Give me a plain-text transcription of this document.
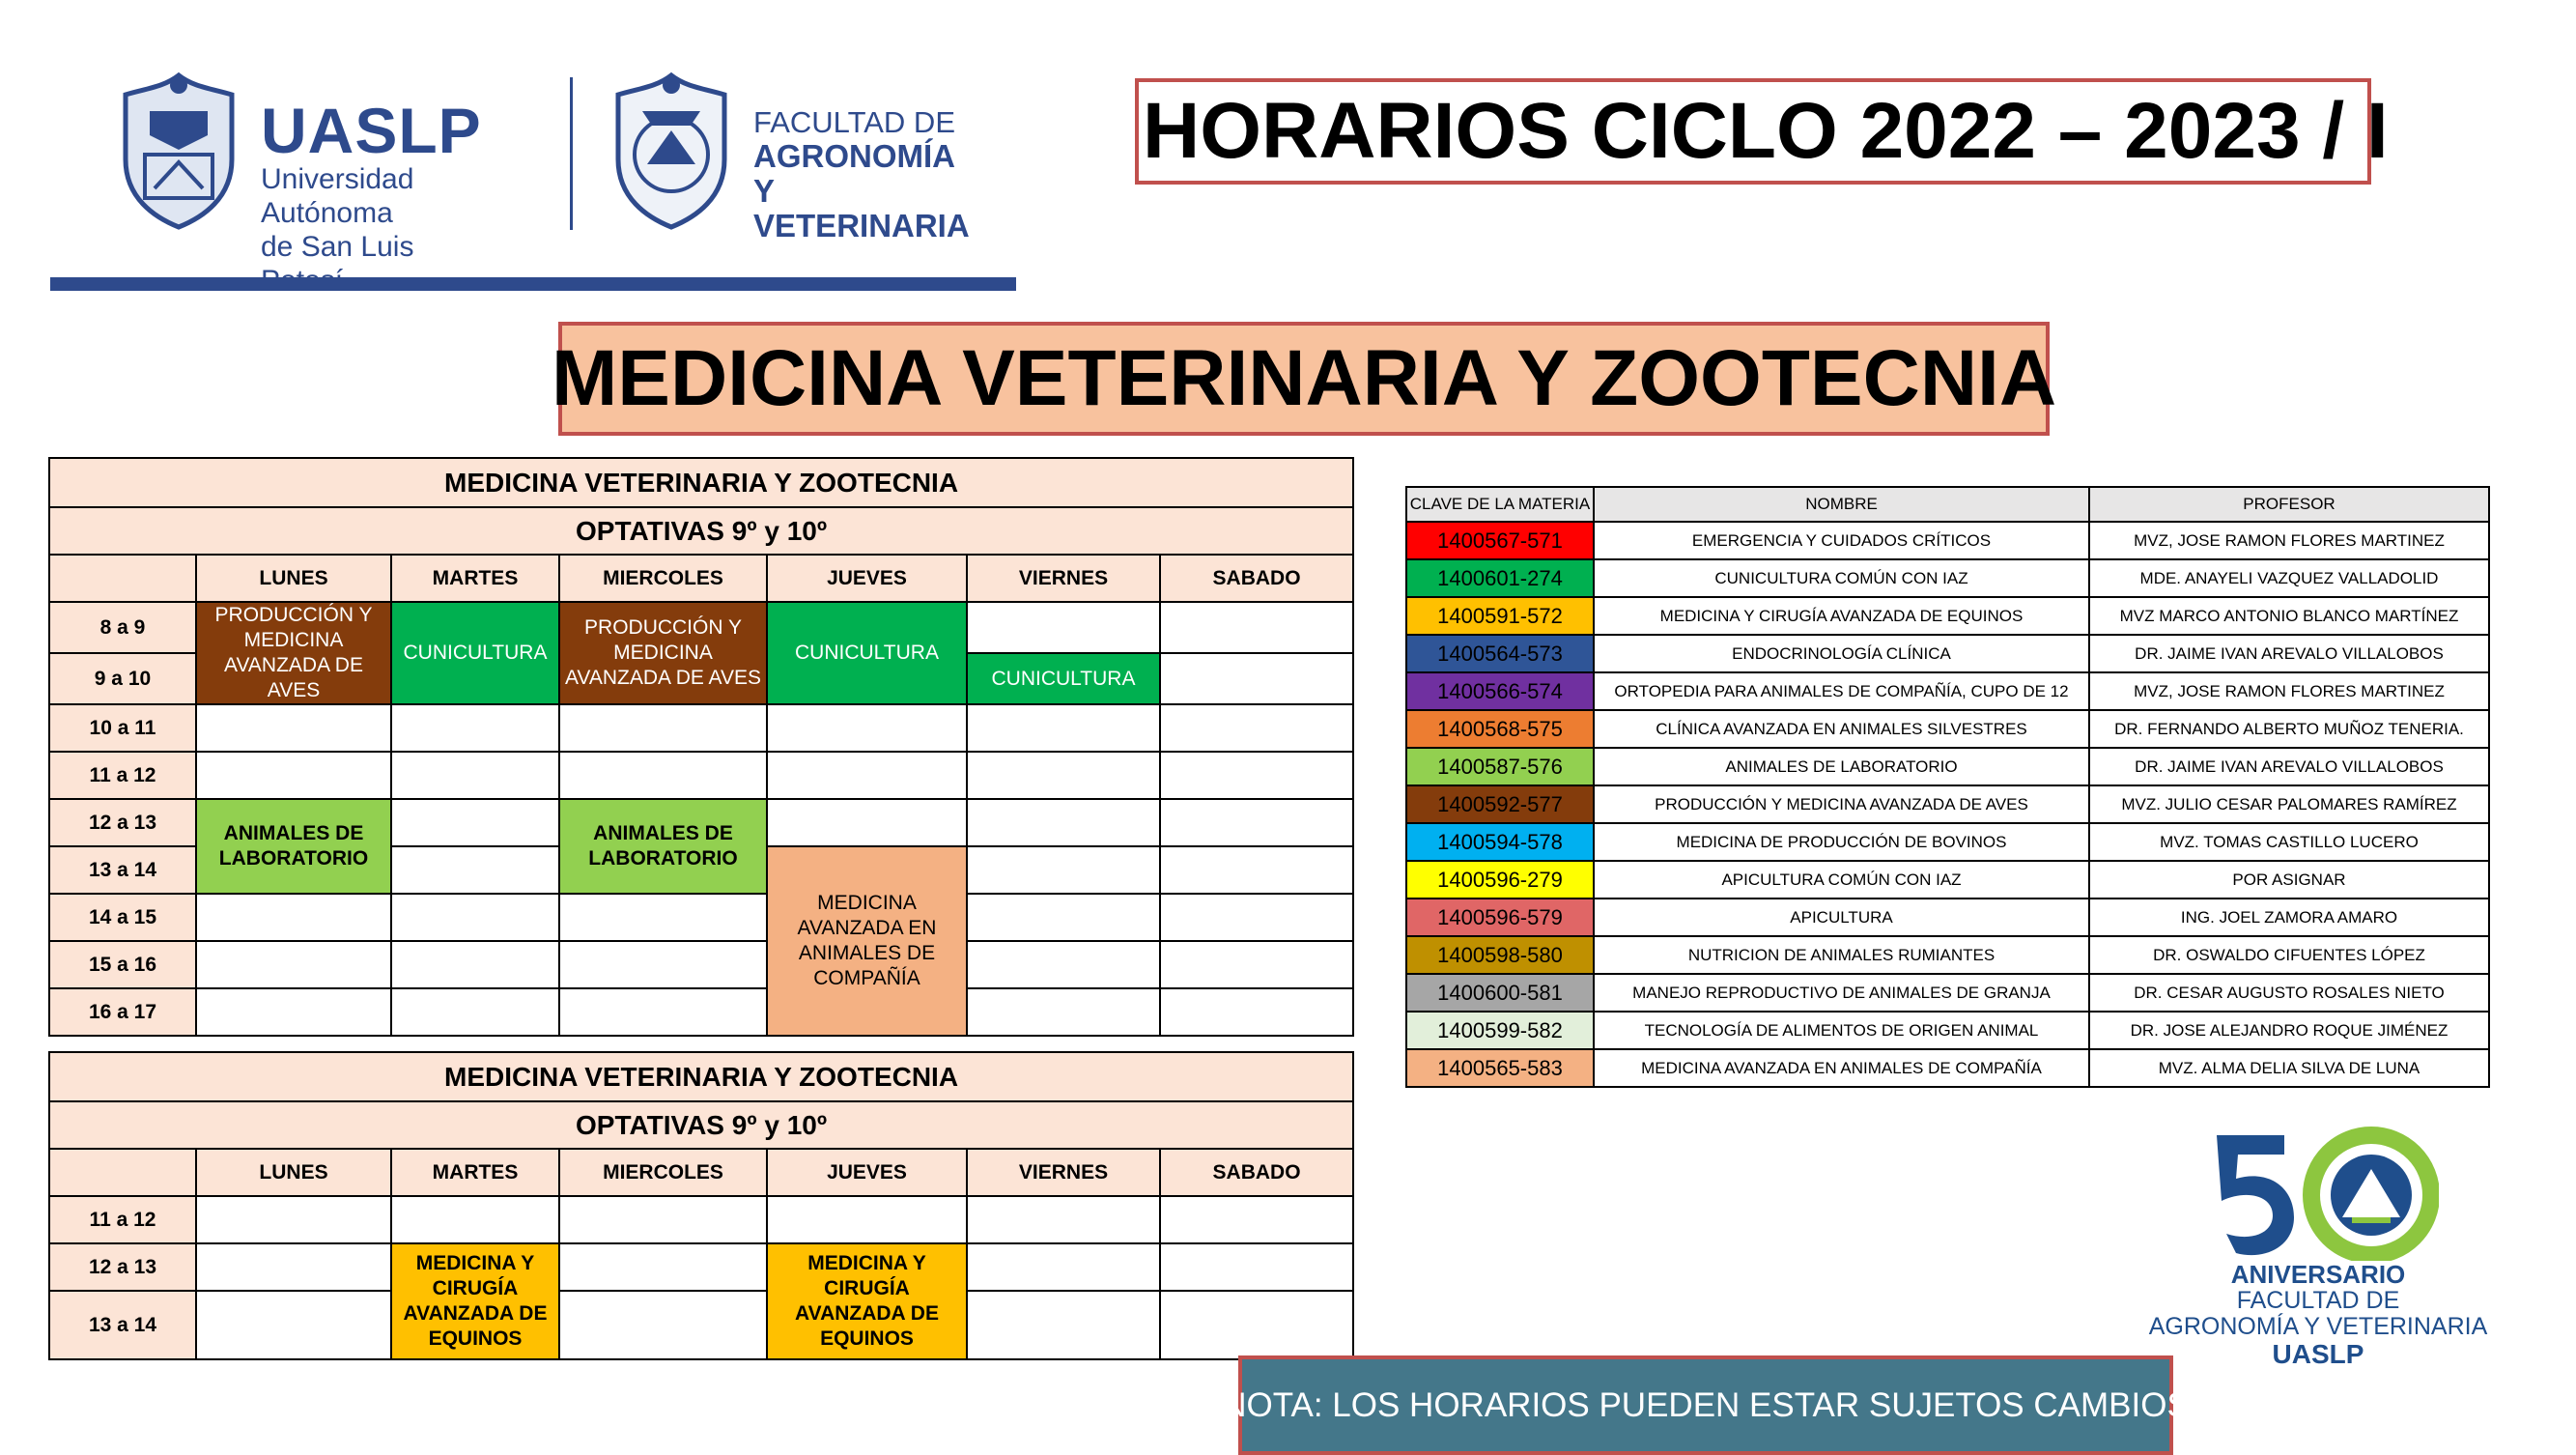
UASLP
Universidad Autónoma
de San Luis
FACULTAD DE
AGRONOMÍA Y
VETERINARIA
HORARIOS CICLO 2022 – 2023 / I
MEDICINA VETERINARIA Y ZOOTECNIA
MEDICINA VETERINARIA Y ZOOTECNIA						
OPTATIVAS 9º y 10º						
	LUNES	MARTES	MIERCOLES	JUEVES	VIERNES	SABADO
8 a 9	PRODUCCIÓN Y MEDICINA AVANZADA DE AVES	CUNICULTURA	PRODUCCIÓN Y MEDICINA AVANZADA DE AVES	CUNICULTURA		
9 a 10					CUNICULTURA	
10 a 11						
11 a 12						
12 a 13	ANIMALES DE LABORATORIO		ANIMALES DE LABORATORIO			
13 a 14				MEDICINA AVANZADA EN ANIMALES DE COMPAÑÍA		
14 a 15						
15 a 16						
16 a 17						
MEDICINA VETERINARIA Y ZOOTECNIA						
OPTATIVAS 9º y 10º						
	LUNES	MARTES	MIERCOLES	JUEVES	VIERNES	SABADO
11 a 12						
12 a 13		MEDICINA Y CIRUGÍA AVANZADA DE EQUINOS		MEDICINA Y CIRUGÍA AVANZADA DE EQUINOS		
13 a 14						
CLAVE DE LA MATERIA	NOMBRE	PROFESOR
1400567-571	EMERGENCIA Y CUIDADOS CRÍTICOS	MVZ, JOSE RAMON FLORES MARTINEZ
1400601-274	CUNICULTURA COMÚN CON IAZ	MDE. ANAYELI VAZQUEZ VALLADOLID
1400591-572	MEDICINA Y CIRUGÍA AVANZADA DE EQUINOS	MVZ MARCO ANTONIO BLANCO MARTÍNEZ
1400564-573	ENDOCRINOLOGÍA CLÍNICA	DR. JAIME IVAN AREVALO VILLALOBOS
1400566-574	ORTOPEDIA PARA ANIMALES DE COMPAÑÍA, CUPO DE 12	MVZ, JOSE RAMON FLORES MARTINEZ
1400568-575	CLÍNICA AVANZADA EN ANIMALES SILVESTRES	DR. FERNANDO ALBERTO MUÑOZ TENERIA.
1400587-576	ANIMALES DE LABORATORIO	DR. JAIME IVAN AREVALO VILLALOBOS
1400592-577	PRODUCCIÓN Y MEDICINA AVANZADA DE AVES	MVZ. JULIO CESAR PALOMARES RAMÍREZ
1400594-578	MEDICINA DE PRODUCCIÓN DE BOVINOS	MVZ. TOMAS CASTILLO LUCERO
1400596-279	APICULTURA COMÚN CON IAZ	POR ASIGNAR
1400596-579	APICULTURA	ING. JOEL ZAMORA AMARO
1400598-580	NUTRICION DE ANIMALES RUMIANTES	DR. OSWALDO CIFUENTES LÓPEZ
1400600-581	MANEJO REPRODUCTIVO DE ANIMALES DE GRANJA	DR. CESAR AUGUSTO ROSALES NIETO
1400599-582	TECNOLOGÍA DE ALIMENTOS DE ORIGEN ANIMAL	DR. JOSE ALEJANDRO ROQUE JIMÉNEZ
1400565-583	MEDICINA AVANZADA EN ANIMALES DE COMPAÑÍA	MVZ. ALMA DELIA SILVA DE LUNA
ANIVERSARIO
FACULTAD DE
AGRONOMÍA Y VETERINARIA
UASLP
NOTA: LOS HORARIOS PUEDEN ESTAR SUJETOS CAMBIOS
